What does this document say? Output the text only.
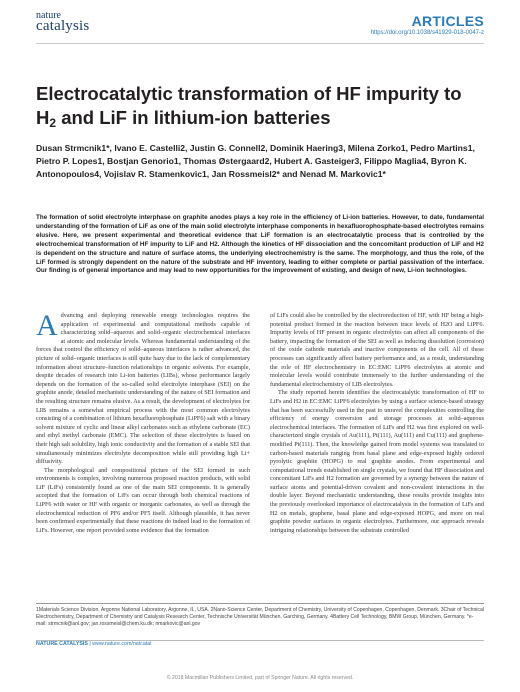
nature
catalysis	ARTICLES
https://doi.org/10.1038/s41929-018-0047-z
Electrocatalytic transformation of HF impurity to $H_2$ and LiF in lithium-ion batteries
Dusan Strmcnik1*, Ivano E. Castelli2, Justin G. Connell2, Dominik Haering3, Milena Zorko1, Pedro Martins1, Pietro P. Lopes1, Bostjan Genorio1, Thomas Østergaard2, Hubert A. Gasteiger3, Filippo Maglia4, Byron K. Antonopoulos4, Vojislav R. Stamenkovic1, Jan Rossmeisl2* and Nenad M. Markovic1*
The formation of solid electrolyte interphase on graphite anodes plays a key role in the efficiency of Li-ion batteries. However, to date, fundamental understanding of the formation of LiF as one of the main solid electrolyte interphase components in hexafluorophosphate-based electrolytes remains elusive. Here, we present experimental and theoretical evidence that LiF formation is an electrocatalytic process that is controlled by the electrochemical transformation of HF impurity to LiF and H2. Although the kinetics of HF dissociation and the concomitant production of LiF and H2 is dependent on the structure and nature of surface atoms, the underlying electrochemistry is the same. The morphology, and thus the role, of the LiF formed is strongly dependent on the nature of the substrate and HF inventory, leading to either complete or partial passivation of the interface. Our finding is of general importance and may lead to new opportunities for the improvement of existing, and design of new, Li-ion technologies.

Advancing and deploying renewable energy technologies requires the application of experimental and computational methods capable of characterizing solid–aqueous and solid–organic electrochemical interfaces at atomic and molecular levels. Whereas fundamental understanding of the forces that control the efficiency of solid–aqueous interfaces is rather advanced, the picture of solid–organic interfaces is still quite hazy due to the lack of complementary information about structure–function relationships in organic solvents. For example, despite decades of research into Li-ion batteries (LIBs), whose performance largely depends on the formation of the so-called solid electrolyte interphase (SEI) on the graphite anode, detailed mechanistic understanding of the nature of SEI formation and the resulting structure remains elusive. As a result, the development of electrolytes for LIB remains a somewhat empirical process with the most common electrolytes consisting of a combination of lithium hexafluorophosphate (LiPF6) salt with a binary solvent mixture of cyclic and linear alkyl carbonates such as ethylene carbonate (EC) and ethyl methyl carbonate (EMC). The selection of these electrolytes is based on their high salt solubility, high ionic conductivity and the formation of a stable SEI that simultaneously minimizes electrolyte decomposition while still providing high Li+ diffusivity.

The morphological and compositional picture of the SEI formed in such environments is complex, involving numerous proposed reaction products, with solid LiF (LiFs) consistently found as one of the main SEI components. It is generally accepted that the formation of LiFs can occur through both chemical reactions of LiPF6 with water or HF with organic or inorganic carbonates, as well as through the electrochemical reduction of PF6 and/or PF5 itself. Although plausible, it has never been confirmed experimentally that these reactions do indeed lead to the formation of LiFs. However, one report provided some evidence that the formation

of LiFs could also be controlled by the electroreduction of HF, with HF being a high-potential product formed in the reaction between trace levels of H2O and LiPF6. Impurity levels of HF present in organic electrolytes can affect all components of the battery, impacting the formation of the SEI as well as inducing dissolution (corrosion) of the oxide cathode materials and inactive components of the cell. All of these processes can significantly affect battery performance and, as a result, understanding the role of HF electrochemistry in EC:EMC LiPF6 electrolytes at atomic and molecular levels would contribute immensely to the further understanding of the fundamental electrochemistry of LIB electrolytes.

The study reported herein identifies the electrocatalytic transformation of HF to LiFs and H2 in EC:EMC LiPF6 electrolytes by using a surface science-based strategy that has been successfully used in the past to unravel the complexities controlling the efficiency of energy conversion and storage processes at solid–aqueous electrochemical interfaces. The formation of LiFs and H2 was first explored on well-characterized single crystals of Au(111), Pt(111), Au(111) and Cu(111) and graphene-modified Pt(111). Then, the knowledge gained from model systems was translated to carbon-based materials ranging from basal plane and edge-exposed highly ordered pyrolytic graphite (HOPG) to real graphite anodes. From experimental and computational trends established on single crystals, we found that HF dissociation and concomitant LiFs and H2 formation are governed by a synergy between the nature of surface atoms and potential-driven covalent and non-covalent interactions in the double layer. Beyond mechanistic understanding, these results provide insights into the previously overlooked importance of electrocatalysis in the formation of LiFs and H2 on metals, graphene, basal plane and edge-exposed HOPG, and more on real graphite powder surfaces in organic electrolytes. Furthermore, our approach reveals intriguing relationships between the substrate controlled

1Materials Science Division, Argonne National Laboratory, Argonne, IL, USA. 2Nano-Science Center, Department of Chemistry, University of Copenhagen, Copenhagen, Denmark. 3Chair of Technical Electrochemistry, Department of Chemistry and Catalysis Research Center, Technische Universität München, Garching, Germany. 4Battery Cell Technology, BMW Group, München, Germany. *e-mail: strmcnik@anl.gov; jan.rossmeisl@chem.ku.dk; nmarkovic@anl.gov
NATURE CATALYSIS | www.nature.com/natcatal
© 2018 Macmillan Publishers Limited, part of Springer Nature. All rights reserved.
